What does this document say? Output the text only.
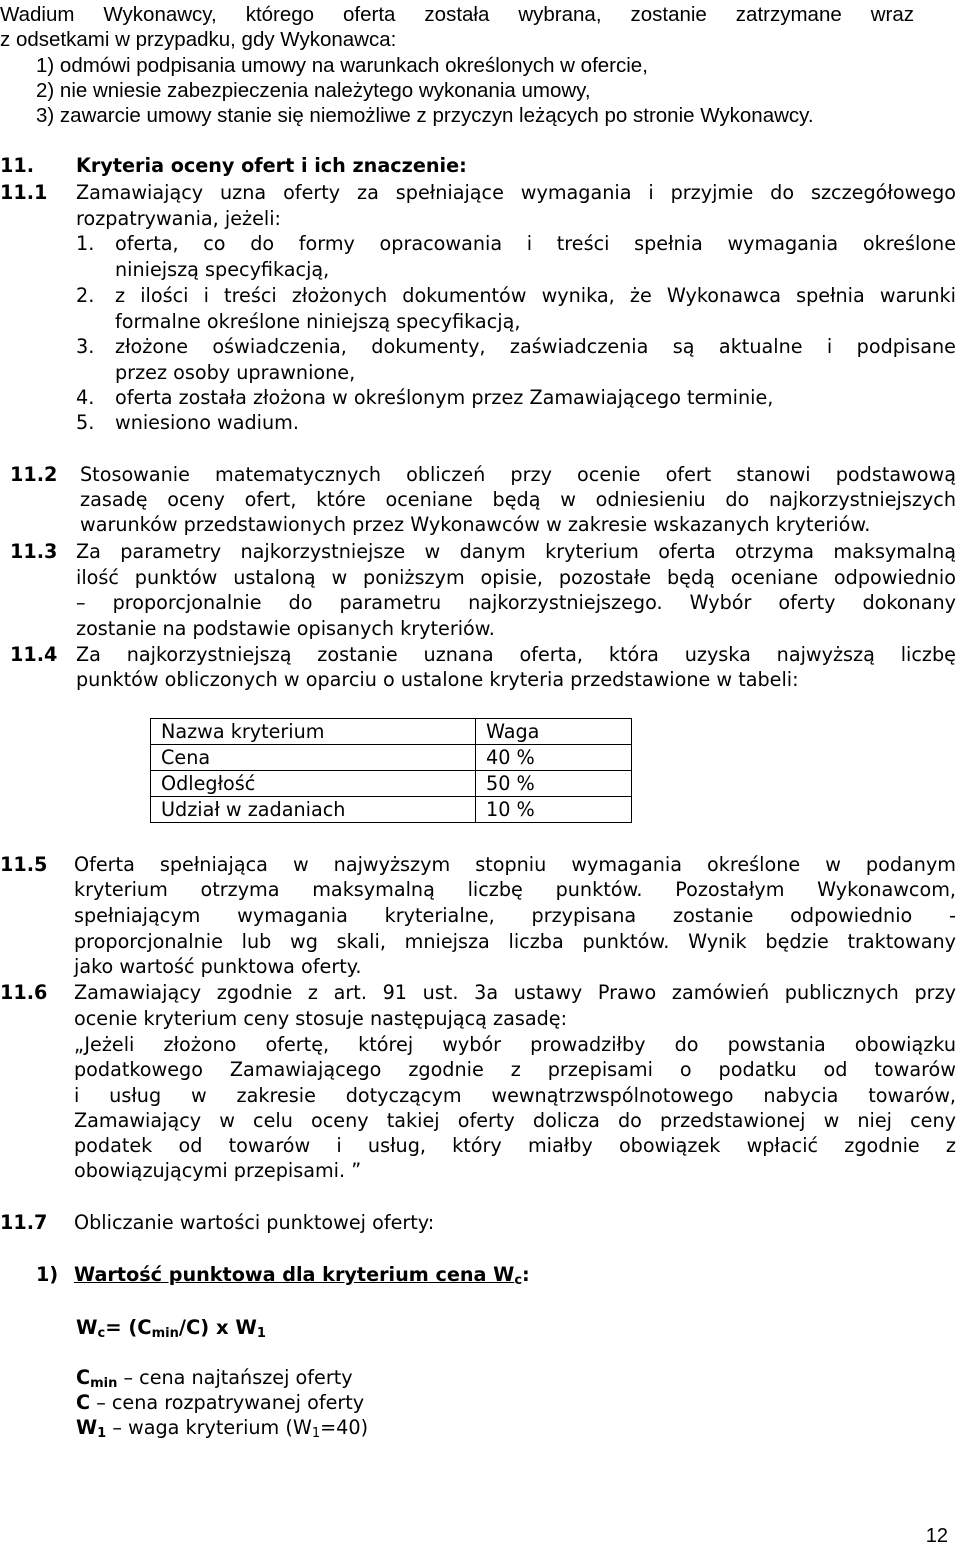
Wadium Wykonawcy, którego oferta została wybrana, zostanie zatrzymane wraz
z odsetkami w przypadku, gdy Wykonawca:
1) odmówi podpisania umowy na warunkach określonych w ofercie,
2) nie wniesie zabezpieczenia należytego wykonania umowy,
3) zawarcie umowy stanie się niemożliwe z przyczyn leżących po stronie Wykonawcy.
11. Kryteria oceny ofert i ich znaczenie:
11.1 Zamawiający uzna oferty za spełniające wymagania i przyjmie do szczegółowego
rozpatrywania, jeżeli:
1. oferta, co do formy opracowania i treści spełnia wymagania określone
niniejszą specyfikacją,
2. z ilości i treści złożonych dokumentów wynika, że Wykonawca spełnia warunki
formalne określone niniejszą specyfikacją,
3. złożone oświadczenia, dokumenty, zaświadczenia są aktualne i podpisane
przez osoby uprawnione,
4. oferta została złożona w określonym przez Zamawiającego terminie,
5. wniesiono wadium.
11.2 Stosowanie matematycznych obliczeń przy ocenie ofert stanowi podstawową
zasadę oceny ofert, które oceniane będą w odniesieniu do najkorzystniejszych
warunków przedstawionych przez Wykonawców w zakresie wskazanych kryteriów.
11.3 Za parametry najkorzystniejsze w danym kryterium oferta otrzyma maksymalną
ilość punktów ustaloną w poniższym opisie, pozostałe będą oceniane odpowiednio
– proporcjonalnie do parametru najkorzystniejszego. Wybór oferty dokonany
zostanie na podstawie opisanych kryteriów.
11.4 Za najkorzystniejszą zostanie uznana oferta, która uzyska najwyższą liczbę
punktów obliczonych w oparciu o ustalone kryteria przedstawione w tabeli:
Nazwa kryterium	Waga
Cena	40 %
Odległość	50 %
Udział w zadaniach	10 %
11.5 Oferta spełniająca w najwyższym stopniu wymagania określone w podanym
kryterium otrzyma maksymalną liczbę punktów. Pozostałym Wykonawcom,
spełniającym wymagania kryterialne, przypisana zostanie odpowiednio -
proporcjonalnie lub wg skali, mniejsza liczba punktów. Wynik będzie traktowany
jako wartość punktowa oferty.
11.6 Zamawiający zgodnie z art. 91 ust. 3a ustawy Prawo zamówień publicznych przy
ocenie kryterium ceny stosuje następującą zasadę:
„Jeżeli złożono ofertę, której wybór prowadziłby do powstania obowiązku
podatkowego Zamawiającego zgodnie z przepisami o podatku od towarów
i usług w zakresie dotyczącym wewnątrzwspólnotowego nabycia towarów,
Zamawiający w celu oceny takiej oferty dolicza do przedstawionej w niej ceny
podatek od towarów i usług, który miałby obowiązek wpłacić zgodnie z
obowiązującymi przepisami. ”
11.7 Obliczanie wartości punktowej oferty:
1) Wartość punktowa dla kryterium cena $W_c$:
$W_c= (C_{min}/C)$ x $W_1$
$C_{min}$ – cena najtańszej oferty
C – cena rozpatrywanej oferty
$W_1$ – waga kryterium $(W_1=40)$
12
